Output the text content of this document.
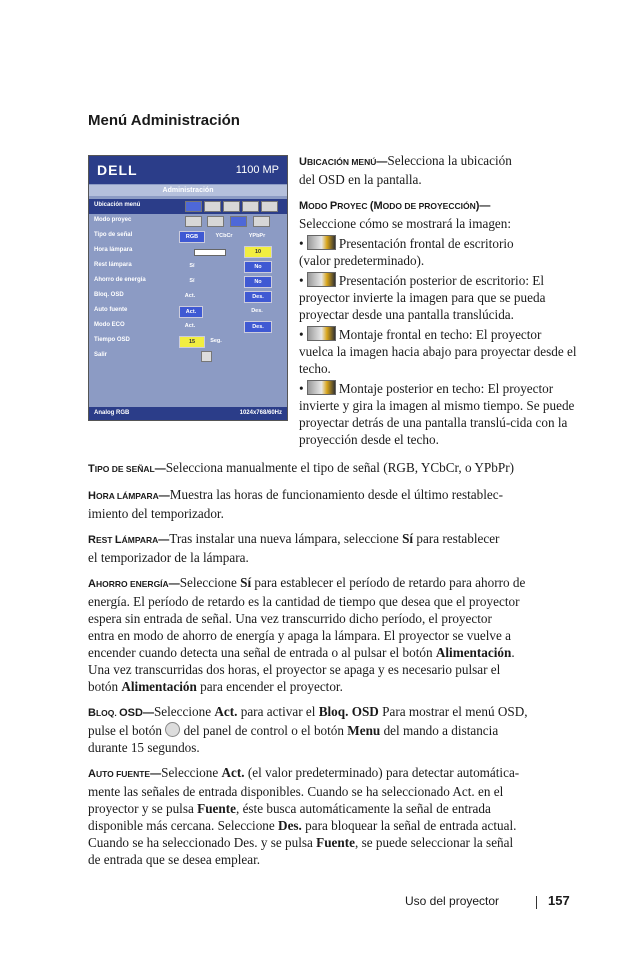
Menú Administración
DELL	1100 MP
Administración
Ubicación menú
Modo proyec
Tipo de señal	RGB	YCbCr	YPbPr
Hora lámpara	10
Rest lámpara	Sí	No
Ahorro de energía	Sí	No
Bloq. OSD	Act.	Des.
Auto fuente	Act.	Des.
Modo ECO	Act.	Des.
Tiempo OSD	15	Seg.
Salir
Analog RGB	1024x768/60Hz

UBICACIÓN MENÚ—Selecciona la ubicación
del OSD en la pantalla.

MODO PROYEC (MODO DE PROYECCIÓN)—
Seleccione cómo se mostrará la imagen:

• Presentación frontal de escritorio
(valor predeterminado).

• Presentación posterior de escritorio: El
proyector invierte la imagen para que se pueda proyectar desde una pantalla translúcida.

• Montaje frontal en techo: El proyector
vuelca la imagen hacia abajo para proyectar desde el techo.

• Montaje posterior en techo: El proyector
invierte y gira la imagen al mismo tiempo. Se puede proyectar detrás de una pantalla translú-cida con la proyección desde el techo.

TIPO DE SEÑAL—Selecciona manualmente el tipo de señal (RGB, YCbCr, o YPbPr)

HORA LÁMPARA—Muestra las horas de funcionamiento desde el último restablec-
imiento del temporizador.

REST LÁMPARA—Tras instalar una nueva lámpara, seleccione Sí para restablecer
el temporizador de la lámpara.

AHORRO ENERGÍA—Seleccione Sí para establecer el período de retardo para ahorro de
energía. El período de retardo es la cantidad de tiempo que desea que el proyector
espera sin entrada de señal. Una vez transcurrido dicho período, el proyector
entra en modo de ahorro de energía y apaga la lámpara. El proyector se vuelve a
encender cuando detecta una señal de entrada o al pulsar el botón Alimentación.
Una vez transcurridas dos horas, el proyector se apaga y es necesario pulsar el
botón Alimentación para encender el proyector.

BLOQ. OSD—Seleccione Act. para activar el Bloq. OSD Para mostrar el menú OSD,
pulse el botón  del panel de control o el botón Menu del mando a distancia
durante 15 segundos.

AUTO FUENTE—Seleccione Act. (el valor predeterminado) para detectar automática-
mente las señales de entrada disponibles. Cuando se ha seleccionado Act. en el
proyector y se pulsa Fuente, éste busca automáticamente la señal de entrada
disponible más cercana. Seleccione Des. para bloquear la señal de entrada actual.
Cuando se ha seleccionado Des. y se pulsa Fuente, se puede seleccionar la señal
de entrada que se desea emplear.

Uso del proyector	157
